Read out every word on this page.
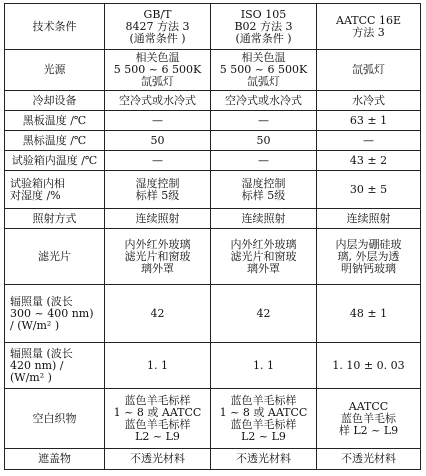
技术条件	GB/T
8427 方法 3
(通常条件 )	ISO 105
B02 方法 3
(通常条件 )	AATCC 16E
方法 3

光源	相关色温
5 500 ~ 6 500K
氙弧灯	相关色温
5 500 ~ 6 500K
氙弧灯	氙弧灯

冷却设备	空冷式或水冷式	空冷式或水冷式	水冷式

黑板温度 /℃	—	—	63 ± 1

黑标温度 /℃	50	50	—

试验箱内温度 /℃	—	—	43 ± 2

试验箱内相
对湿度 /%	湿度控制
标样 5级	湿度控制
标样 5级	30 ± 5

照射方式	连续照射	连续照射	连续照射

滤光片	内外红外玻璃
滤光片和窗玻
璃外罩	内外红外玻璃
滤光片和窗玻
璃外罩	内层为硼硅玻
璃, 外层为透
明钠钙玻璃

辐照量 (波长
300 ~ 400 nm)
/ (W/m² )	42	42	48 ± 1

辐照量 (波长
420 nm) /
(W/m² )	1. 1	1. 1	1. 10 ± 0. 03

空白织物	蓝色羊毛标样
1 ~ 8 或 AATCC
蓝色羊毛标样
L2 ~ L9	蓝色羊毛标样
1 ~ 8 或 AATCC
蓝色羊毛标样
L2 ~ L9	AATCC
蓝色羊毛标
样 L2 ~ L9

遮盖物	不透光材料	不透光材料	不透光材料
